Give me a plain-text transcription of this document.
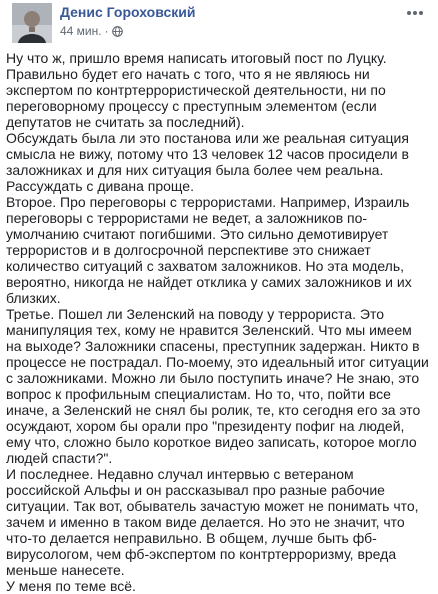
Денис Гороховский
44 мин. ·

Ну что ж, пришло время написать итоговый пост по Луцку.

Правильно будет его начать с того, что я не являюсь ни экспертом по контртеррористической деятельности, ни по переговорному процессу с преступным элементом (если депутатов не считать за последний).

Обсуждать была ли это постанова или же реальная ситуация смысла не вижу, потому что 13 человек 12 часов просидели в заложниках и для них ситуация была более чем реальна. Рассуждать с дивана проще.

Второе. Про переговоры с террористами. Например, Израиль переговоры с террористами не ведет, а заложников по-умолчанию считают погибшими. Это сильно демотивирует террористов и в долгосрочной перспективе это снижает количество ситуаций с захватом заложников. Но эта модель, вероятно, никогда не найдет отклика у самих заложников и их близких.

Третье. Пошел ли Зеленский на поводу у террориста. Это манипуляция тех, кому не нравится Зеленский. Что мы имеем на выходе? Заложники спасены, преступник задержан. Никто в процессе не пострадал. По-моему, это идеальный итог ситуации с заложниками. Можно ли было поступить иначе? Не знаю, это вопрос к профильным специалистам. Но то, что, пойти все иначе, а Зеленский не снял бы ролик, те, кто сегодня его за это осуждают, хором бы орали про "президенту пофиг на людей, ему что, сложно было короткое видео записать, которое могло людей спасти?".

И последнее. Недавно случал интервью с ветераном российской Альфы и он рассказывал про разные рабочие ситуации. Так вот, обыватель зачастую может не понимать что, зачем и именно в таком виде делается. Но это не значит, что что-то делается неправильно. В общем, лучше быть фб-вирусологом, чем фб-экспертом по контртерроризму, вреда меньше нанесете.

У меня по теме всё.
